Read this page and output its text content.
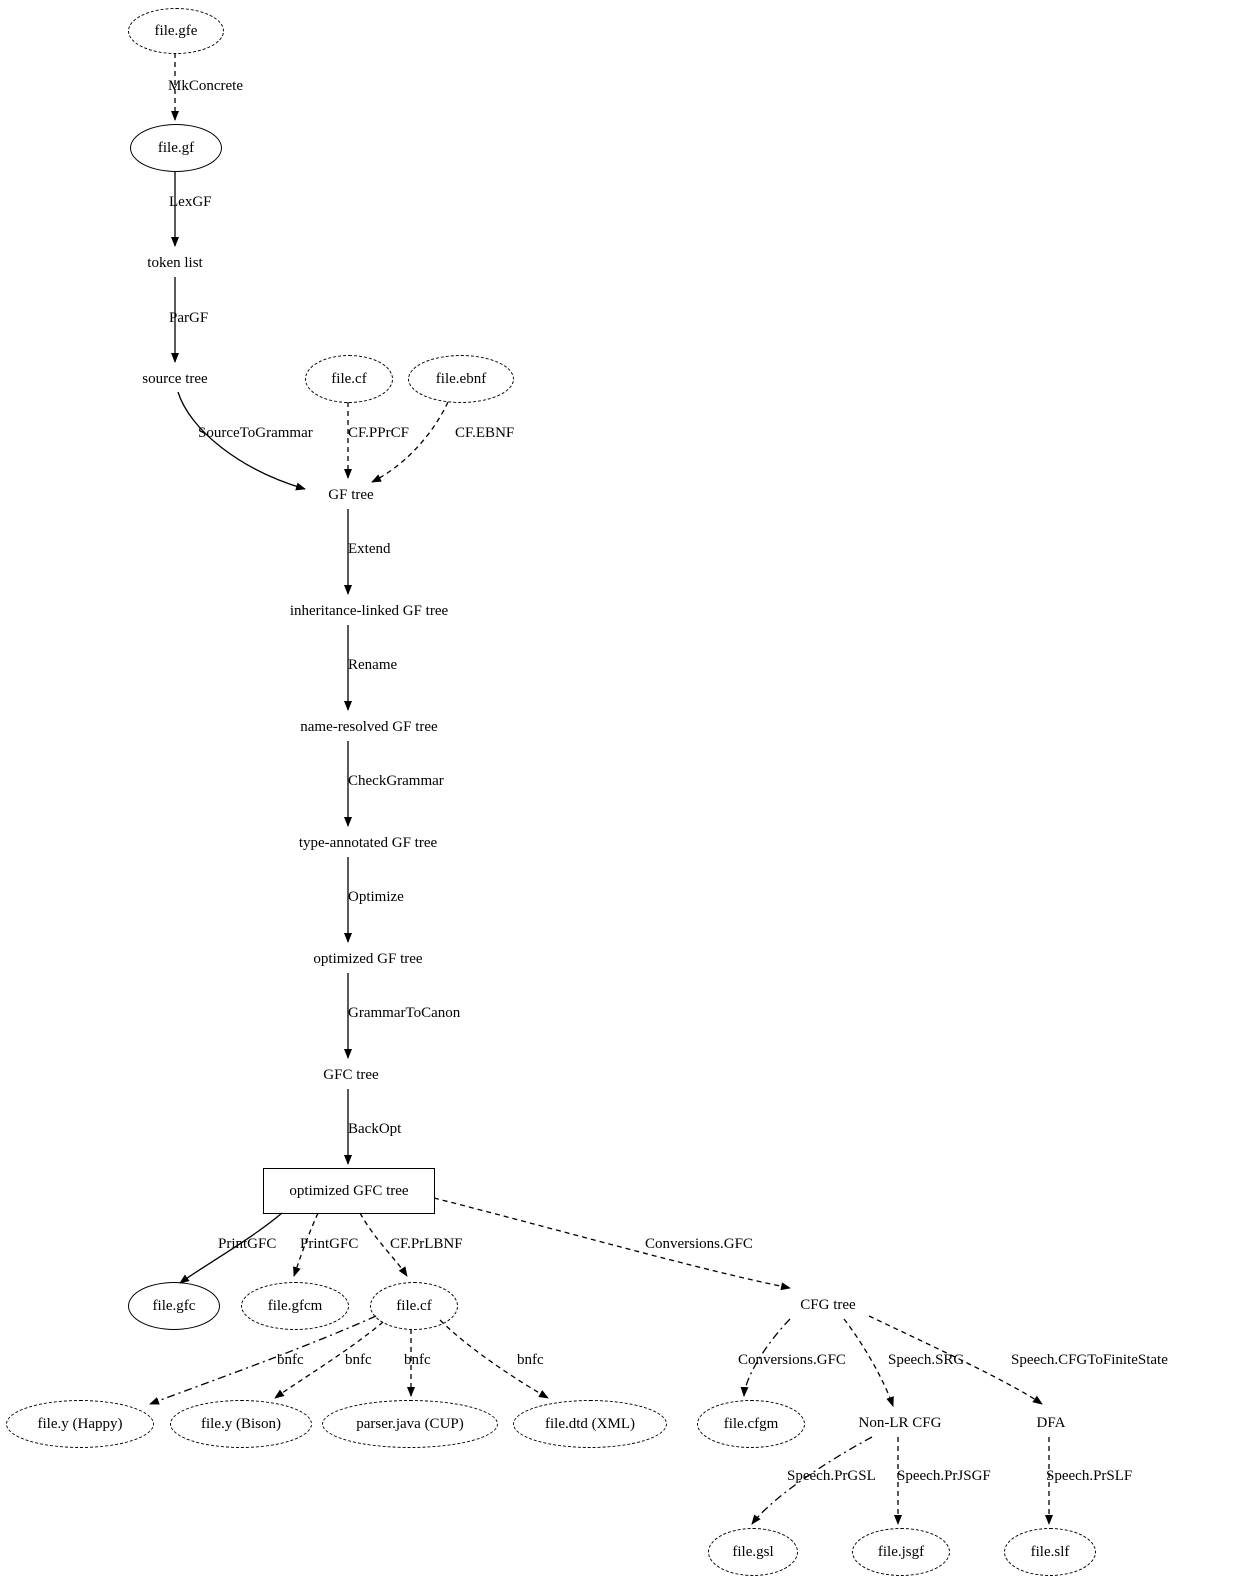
file.gfe
file.gf
token list
source tree	file.cf	file.ebnf
GF tree
inheritance-linked GF tree
name-resolved GF tree
type-annotated GF tree
optimized GF tree
GFC tree
optimized GFC tree
file.gfc	file.gfcm	file.cf	CFG tree
file.y (Happy)	file.y (Bison)	parser.java (CUP)	file.dtd (XML)	file.cfgm	Non-LR CFG	DFA
file.gsl	file.jsgf	file.slf
MkConcrete
LexGF
ParGF
SourceToGrammar CF.PPrCF	CF.EBNF
Extend
Rename
CheckGrammar
Optimize
GrammarToCanon
BackOpt
PrintGFC PrintGFC CF.PrLBNF	Conversions.GFC
bnfc	bnfc bnfc	bnfc	Conversions.GFC	Speech.SRG	Speech.CFGToFiniteState
Speech.PrGSL Speech.PrJSGF	Speech.PrSLF
